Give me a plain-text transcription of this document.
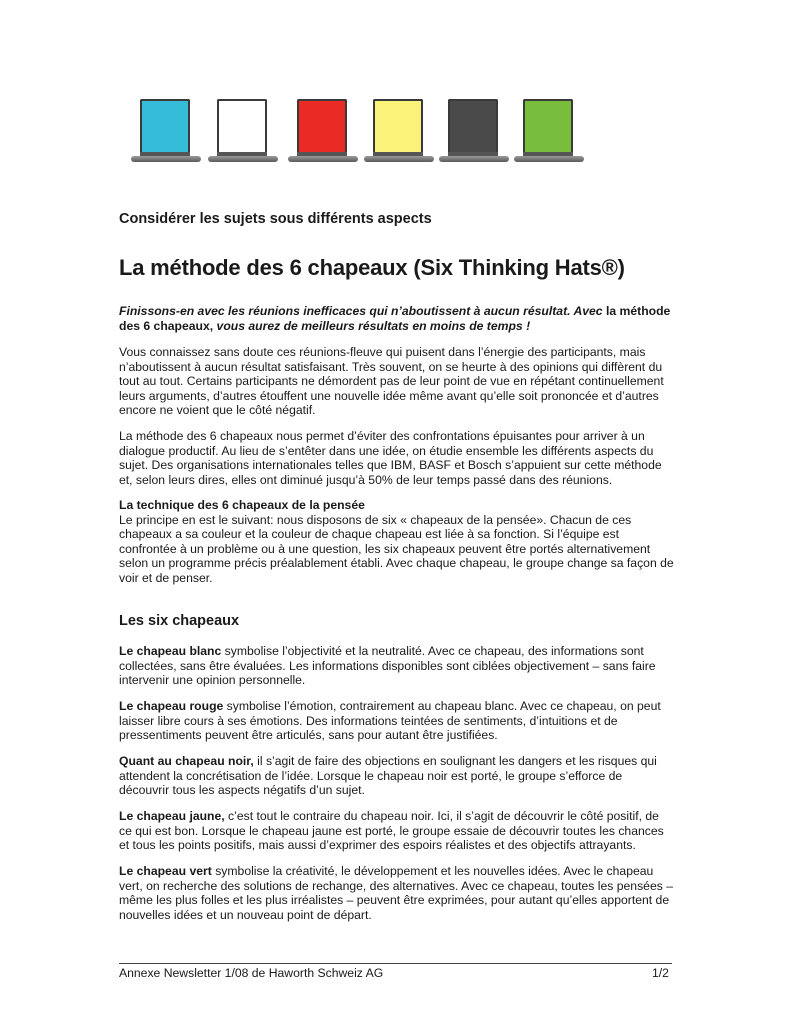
Considérer les sujets sous différents aspects
La méthode des 6 chapeaux (Six Thinking Hats®)

Finissons-en avec les réunions inefficaces qui n’aboutissent à aucun résultat. Avec la méthode des 6 chapeaux, vous aurez de meilleurs résultats en moins de temps !

Vous connaissez sans doute ces réunions-fleuve qui puisent dans l’énergie des participants, mais n’aboutissent à aucun résultat satisfaisant. Très souvent, on se heurte à des opinions qui diffèrent du tout au tout. Certains participants ne démordent pas de leur point de vue en répétant continuellement leurs arguments, d’autres étouffent une nouvelle idée même avant qu’elle soit prononcée et d’autres encore ne voient que le côté négatif.

La méthode des 6 chapeaux nous permet d’éviter des confrontations épuisantes pour arriver à un dialogue productif. Au lieu de s’entêter dans une idée, on étudie ensemble les différents aspects du sujet. Des organisations internationales telles que IBM, BASF et Bosch s’appuient sur cette méthode et, selon leurs dires, elles ont diminué jusqu’à 50% de leur temps passé dans des réunions.

La technique des 6 chapeaux de la pensée
Le principe en est le suivant: nous disposons de six « chapeaux de la pensée». Chacun de ces chapeaux a sa couleur et la couleur de chaque chapeau est liée à sa fonction. Si l’équipe est confrontée à un problème ou à une question, les six chapeaux peuvent être portés alternativement selon un programme précis préalablement établi. Avec chaque chapeau, le groupe change sa façon de voir et de penser.

Les six chapeaux

Le chapeau blanc symbolise l’objectivité et la neutralité. Avec ce chapeau, des informations sont collectées, sans être évaluées. Les informations disponibles sont ciblées objectivement – sans faire intervenir une opinion personnelle.

Le chapeau rouge symbolise l’émotion, contrairement au chapeau blanc. Avec ce chapeau, on peut laisser libre cours à ses émotions. Des informations teintées de sentiments, d’intuitions et de pressentiments peuvent être articulés, sans pour autant être justifiées.

Quant au chapeau noir, il s’agit de faire des objections en soulignant les dangers et les risques qui attendent la concrétisation de l’idée. Lorsque le chapeau noir est porté, le groupe s’efforce de découvrir tous les aspects négatifs d’un sujet.

Le chapeau jaune, c’est tout le contraire du chapeau noir. Ici, il s’agit de découvrir le côté positif, de ce qui est bon. Lorsque le chapeau jaune est porté, le groupe essaie de découvrir toutes les chances et tous les points positifs, mais aussi d’exprimer des espoirs réalistes et des objectifs attrayants.

Le chapeau vert symbolise la créativité, le développement et les nouvelles idées. Avec le chapeau vert, on recherche des solutions de rechange, des alternatives. Avec ce chapeau, toutes les pensées – même les plus folles et les plus irréalistes – peuvent être exprimées, pour autant qu’elles apportent de nouvelles idées et un nouveau point de départ.

Annexe Newsletter 1/08 de Haworth Schweiz AG	1/2
